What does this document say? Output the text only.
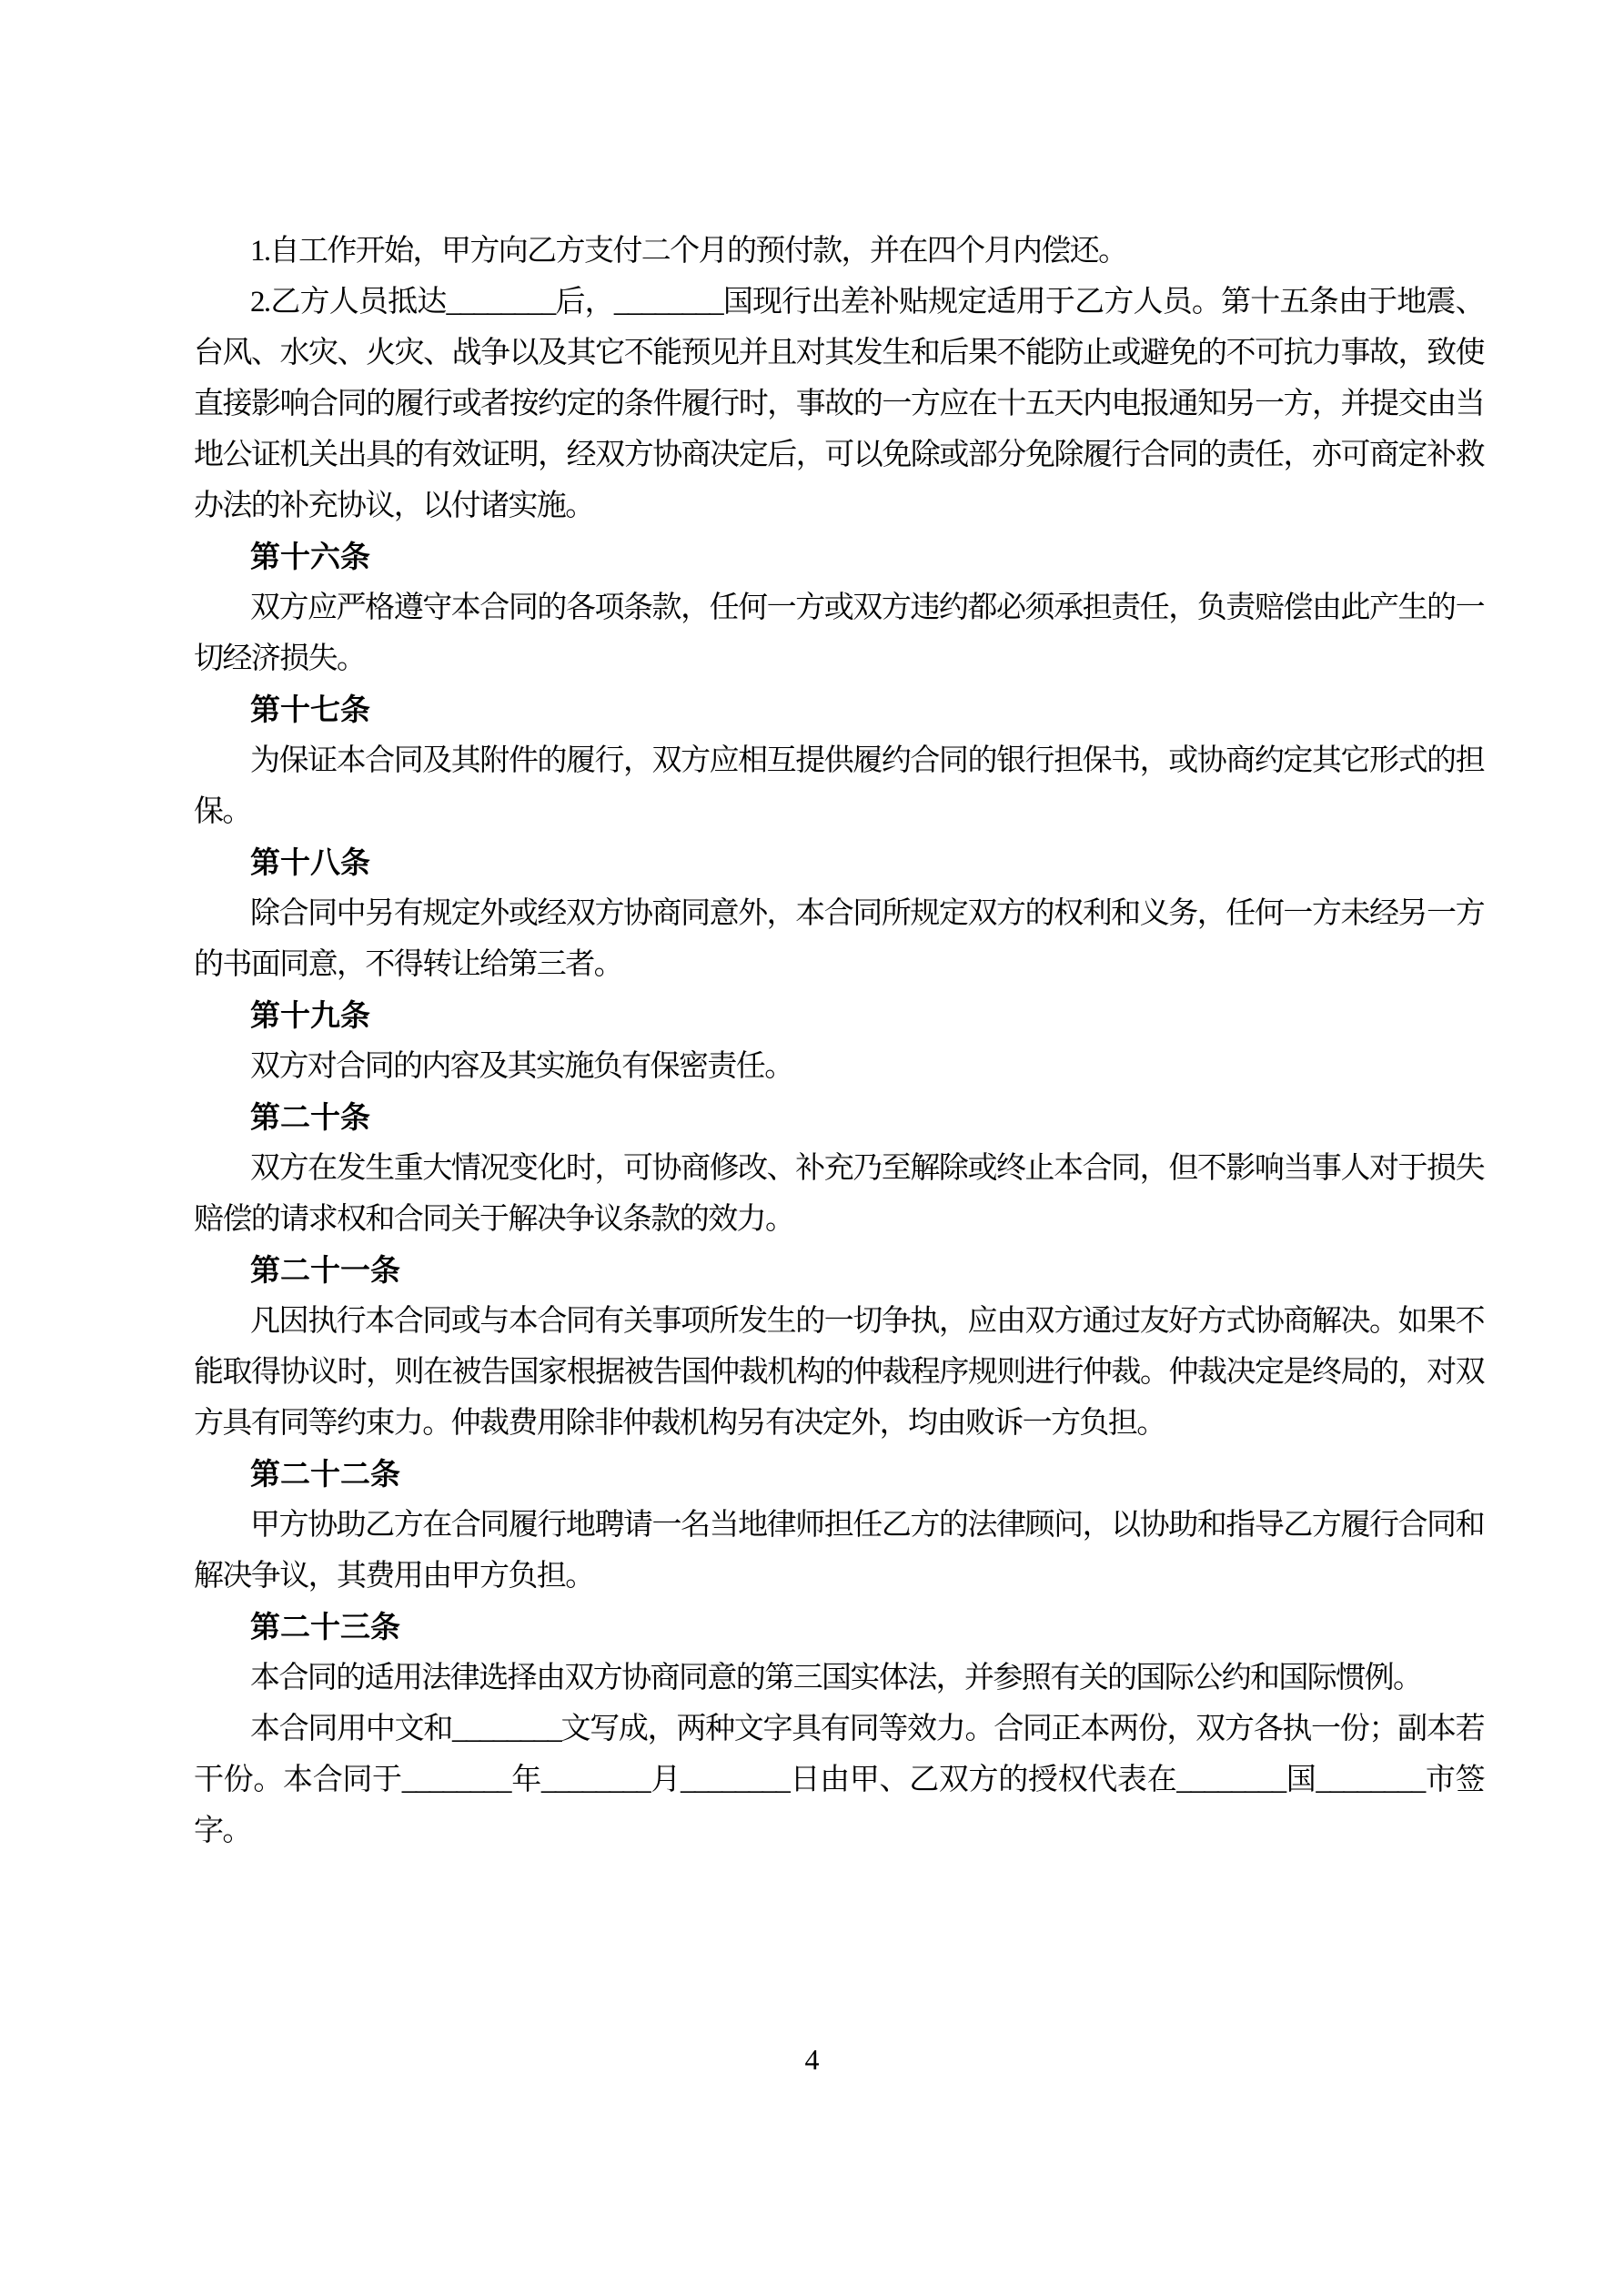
1.自工作开始，甲方向乙方支付二个月的预付款，并在四个月内偿还。

2.乙方人员抵达________后，________国现行出差补贴规定适用于乙方人员。第十五条由于地震、台风、水灾、火灾、战争以及其它不能预见并且对其发生和后果不能防止或避免的不可抗力事故，致使直接影响合同的履行或者按约定的条件履行时，事故的一方应在十五天内电报通知另一方，并提交由当地公证机关出具的有效证明，经双方协商决定后，可以免除或部分免除履行合同的责任，亦可商定补救办法的补充协议，以付诸实施。

第十六条

双方应严格遵守本合同的各项条款，任何一方或双方违约都必须承担责任，负责赔偿由此产生的一切经济损失。

第十七条

为保证本合同及其附件的履行，双方应相互提供履约合同的银行担保书，或协商约定其它形式的担保。

第十八条

除合同中另有规定外或经双方协商同意外，本合同所规定双方的权利和义务，任何一方未经另一方的书面同意，不得转让给第三者。

第十九条

双方对合同的内容及其实施负有保密责任。

第二十条

双方在发生重大情况变化时，可协商修改、补充乃至解除或终止本合同，但不影响当事人对于损失赔偿的请求权和合同关于解决争议条款的效力。

第二十一条

凡因执行本合同或与本合同有关事项所发生的一切争执，应由双方通过友好方式协商解决。如果不能取得协议时，则在被告国家根据被告国仲裁机构的仲裁程序规则进行仲裁。仲裁决定是终局的，对双方具有同等约束力。仲裁费用除非仲裁机构另有决定外，均由败诉一方负担。

第二十二条

甲方协助乙方在合同履行地聘请一名当地律师担任乙方的法律顾问，以协助和指导乙方履行合同和解决争议，其费用由甲方负担。

第二十三条

本合同的适用法律选择由双方协商同意的第三国实体法，并参照有关的国际公约和国际惯例。

本合同用中文和________文写成，两种文字具有同等效力。合同正本两份，双方各执一份；副本若干份。本合同于________年________月________日由甲、乙双方的授权代表在________国________市签字。

4
